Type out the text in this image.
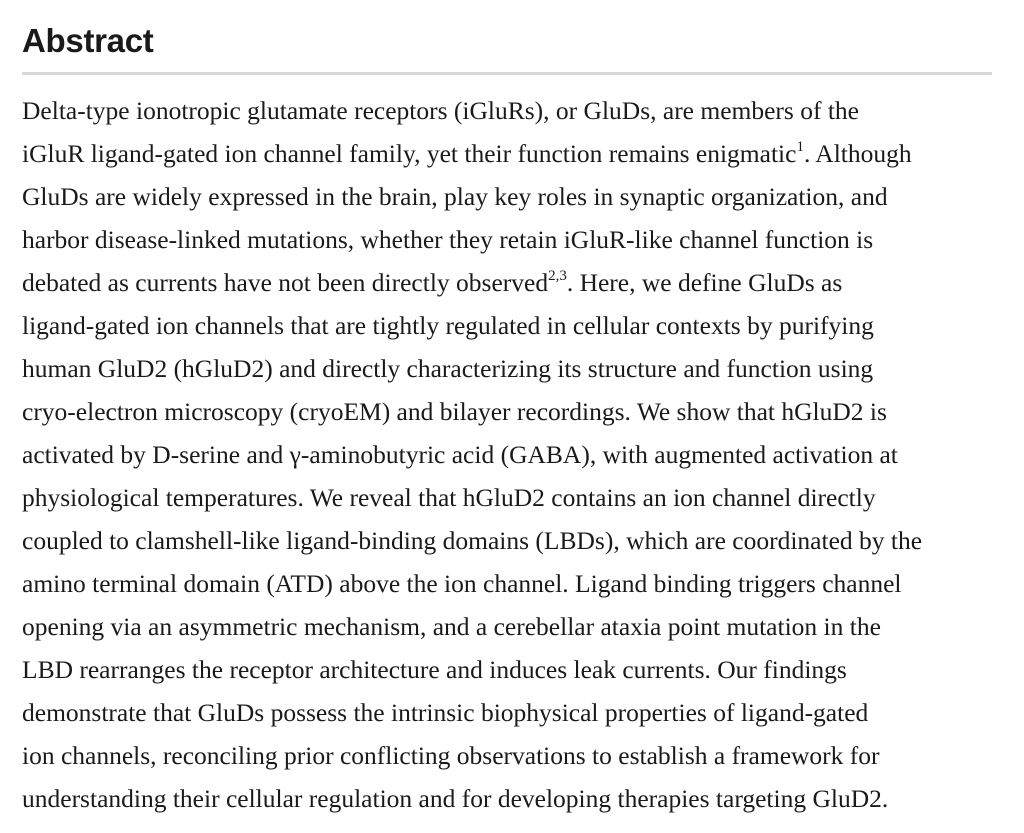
Abstract
Delta-type ionotropic glutamate receptors (iGluRs), or GluDs, are members of the
iGluR ligand-gated ion channel family, yet their function remains enigmatic$^1$. Although
GluDs are widely expressed in the brain, play key roles in synaptic organization, and
harbor disease-linked mutations, whether they retain iGluR-like channel function is
debated as currents have not been directly observed$^{2,3}$. Here, we define GluDs as
ligand-gated ion channels that are tightly regulated in cellular contexts by purifying
human GluD2 (hGluD2) and directly characterizing its structure and function using
cryo-electron microscopy (cryoEM) and bilayer recordings. We show that hGluD2 is
activated by D-serine and γ-aminobutyric acid (GABA), with augmented activation at
physiological temperatures. We reveal that hGluD2 contains an ion channel directly
coupled to clamshell-like ligand-binding domains (LBDs), which are coordinated by the
amino terminal domain (ATD) above the ion channel. Ligand binding triggers channel
opening via an asymmetric mechanism, and a cerebellar ataxia point mutation in the
LBD rearranges the receptor architecture and induces leak currents. Our findings
demonstrate that GluDs possess the intrinsic biophysical properties of ligand-gated
ion channels, reconciling prior conflicting observations to establish a framework for
understanding their cellular regulation and for developing therapies targeting GluD2.
